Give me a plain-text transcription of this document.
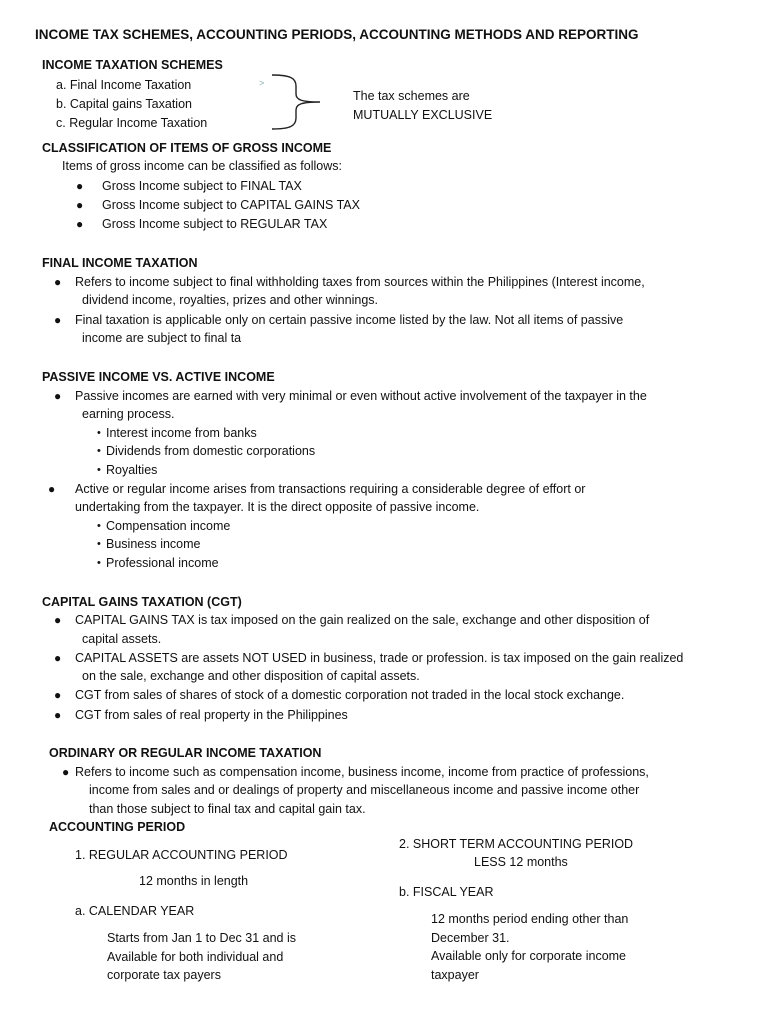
INCOME TAX SCHEMES, ACCOUNTING PERIODS, ACCOUNTING METHODS AND REPORTING
INCOME TAXATION SCHEMES
a. Final Income Taxation
b. Capital gains Taxation
c. Regular Income Taxation
>
The tax schemes are
MUTUALLY EXCLUSIVE
CLASSIFICATION OF ITEMS OF GROSS INCOME
Items of gross income can be classified as follows:
● Gross Income subject to FINAL TAX
● Gross Income subject to CAPITAL GAINS TAX
● Gross Income subject to REGULAR TAX
FINAL INCOME TAXATION
● Refers to income subject to final withholding taxes from sources within the Philippines (Interest income,
dividend income, royalties, prizes and other winnings.
● Final taxation is applicable only on certain passive income listed by the law. Not all items of passive
income are subject to final ta
PASSIVE INCOME VS. ACTIVE INCOME
● Passive incomes are earned with very minimal or even without active involvement of the taxpayer in the
earning process.
• Interest income from banks
• Dividends from domestic corporations
• Royalties
● Active or regular income arises from transactions requiring a considerable degree of effort or
undertaking from the taxpayer. It is the direct opposite of passive income.
• Compensation income
• Business income
• Professional income
CAPITAL GAINS TAXATION (CGT)
● CAPITAL GAINS TAX is tax imposed on the gain realized on the sale, exchange and other disposition of
capital assets.
● CAPITAL ASSETS are assets NOT USED in business, trade or profession. is tax imposed on the gain realized
on the sale, exchange and other disposition of capital assets.
● CGT from sales of shares of stock of a domestic corporation not traded in the local stock exchange.
● CGT from sales of real property in the Philippines
ORDINARY OR REGULAR INCOME TAXATION
● Refers to income such as compensation income, business income, income from practice of professions,
income from sales and or dealings of property and miscellaneous income and passive income other
than those subject to final tax and capital gain tax.
ACCOUNTING PERIOD
1. REGULAR ACCOUNTING PERIOD
12 months in length
a. CALENDAR YEAR
Starts from Jan 1 to Dec 31 and is
Available for both individual and
corporate tax payers
2. SHORT TERM ACCOUNTING PERIOD
LESS 12 months
b. FISCAL YEAR
12 months period ending other than
December 31.
Available only for corporate income
taxpayer
